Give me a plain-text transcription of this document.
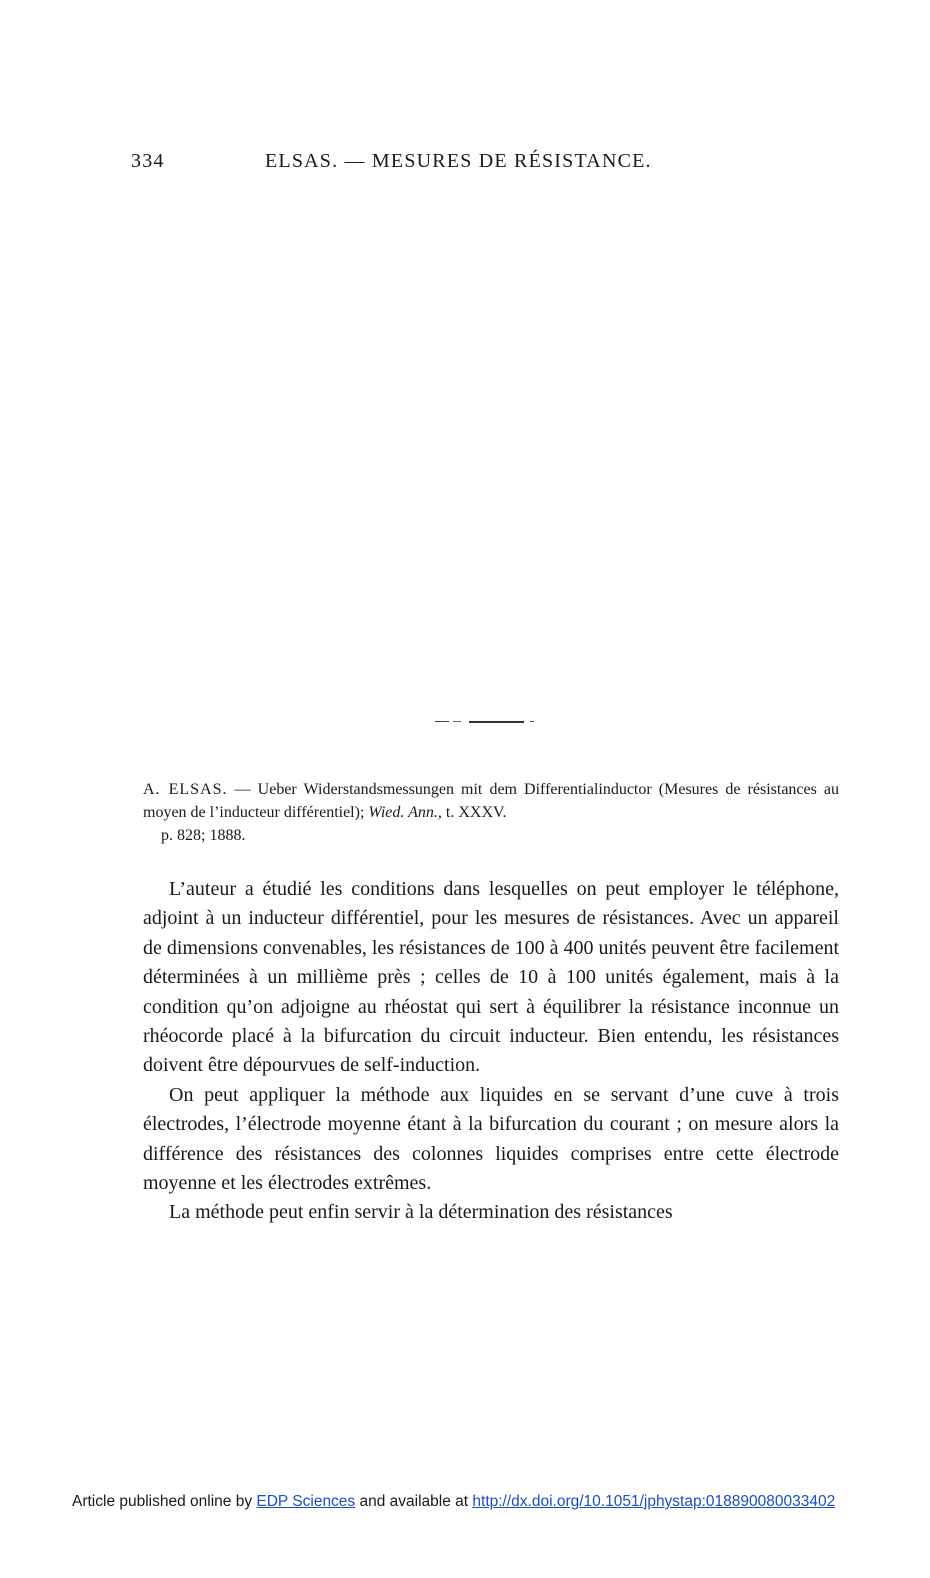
334	ELSAS. — MESURES DE RÉSISTANCE.
A. ELSAS. — Ueber Widerstandsmessungen mit dem Differentialinductor (Mesures de résistances au moyen de l’inducteur différentiel); Wied. Ann., t. XXXV.
p. 828; 1888.

L’auteur a étudié les conditions dans lesquelles on peut employer le téléphone, adjoint à un inducteur différentiel, pour les mesures de résistances. Avec un appareil de dimensions convenables, les résistances de 100 à 400 unités peuvent être facilement déterminées à un millième près ; celles de 10 à 100 unités également, mais à la condition qu’on adjoigne au rhéostat qui sert à équilibrer la résistance inconnue un rhéocorde placé à la bifurcation du circuit inducteur. Bien entendu, les résistances doivent être dépourvues de self-induction.

On peut appliquer la méthode aux liquides en se servant d’une cuve à trois électrodes, l’électrode moyenne étant à la bifurcation du courant ; on mesure alors la différence des résistances des colonnes liquides comprises entre cette électrode moyenne et les électrodes extrêmes.

La méthode peut enfin servir à la détermination des résistances

Article published online by EDP Sciences and available at http://dx.doi.org/10.1051/jphystap:018890080033402
